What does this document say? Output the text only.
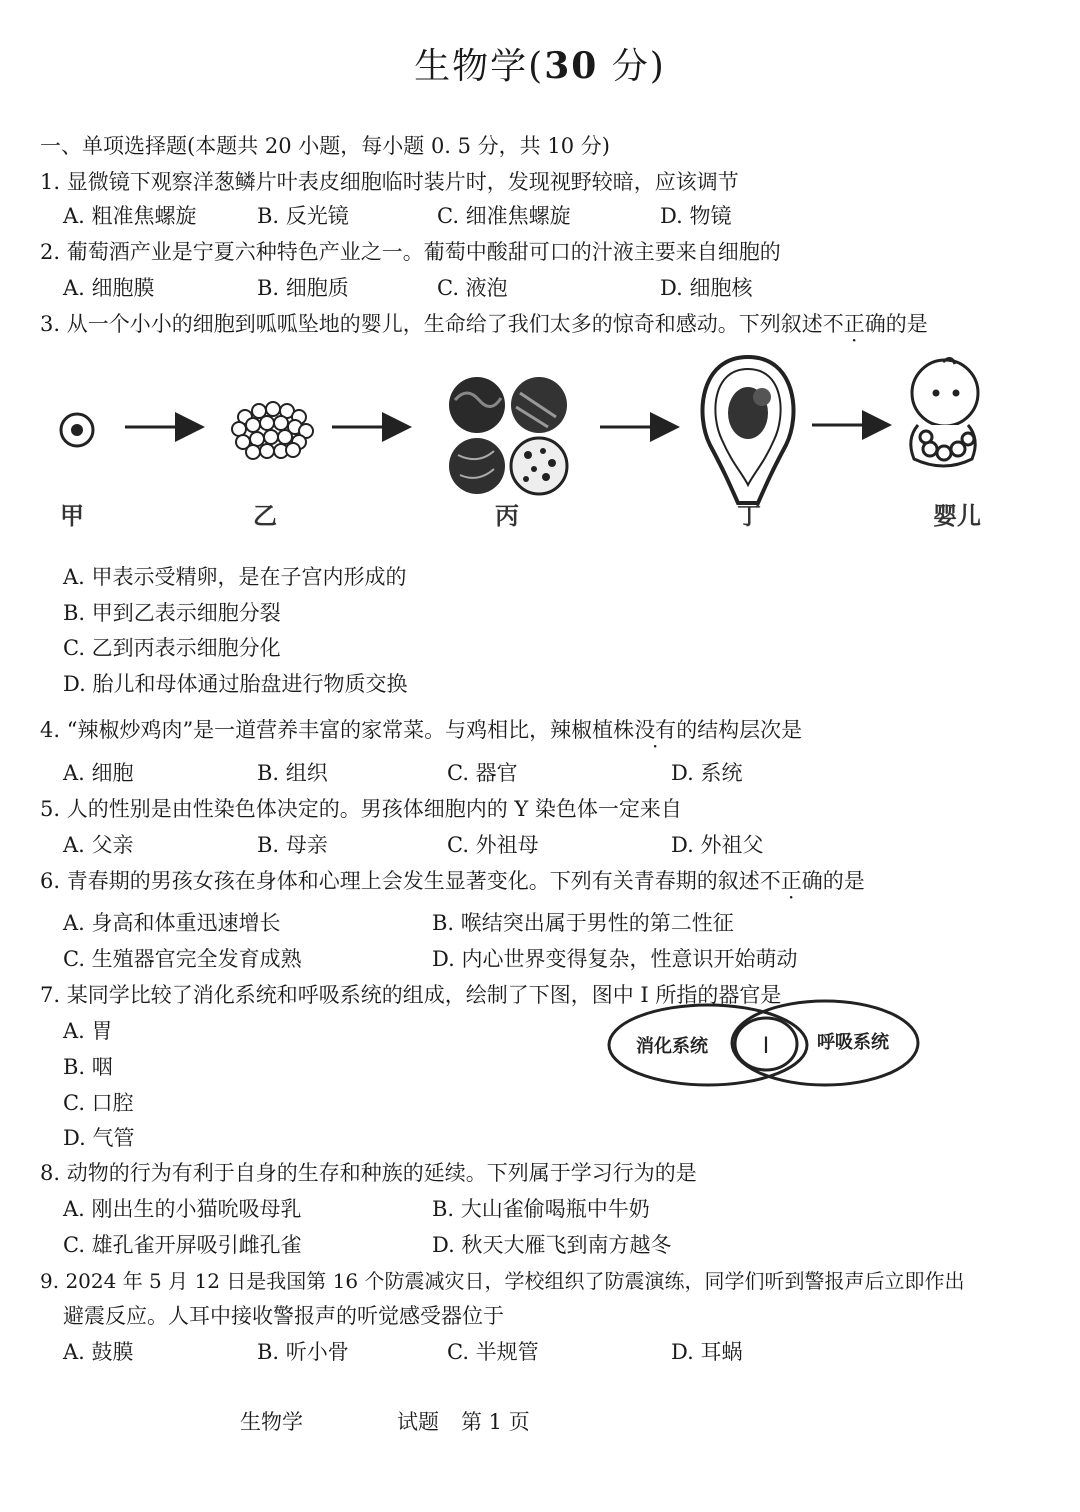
生物学(30 分)
一、单项选择题(本题共 20 小题，每小题 0. 5 分，共 10 分)
1. 显微镜下观察洋葱鳞片叶表皮细胞临时装片时，发现视野较暗，应该调节
A. 粗准焦螺旋	B. 反光镜	C. 细准焦螺旋	D. 物镜
2. 葡萄酒产业是宁夏六种特色产业之一。葡萄中酸甜可口的汁液主要来自细胞的
A. 细胞膜	B. 细胞质	C. 液泡	D. 细胞核
3. 从一个小小的细胞到呱呱坠地的婴儿，生命给了我们太多的惊奇和感动。下列叙述不正确的是
甲	乙	丙	丁	婴儿
A. 甲表示受精卵，是在子宫内形成的
B. 甲到乙表示细胞分裂
C. 乙到丙表示细胞分化
D. 胎儿和母体通过胎盘进行物质交换
4. “辣椒炒鸡肉”是一道营养丰富的家常菜。与鸡相比，辣椒植株没有的结构层次是
A. 细胞	B. 组织	C. 器官	D. 系统
5. 人的性别是由性染色体决定的。男孩体细胞内的 Y 染色体一定来自
A. 父亲	B. 母亲	C. 外祖母	D. 外祖父
6. 青春期的男孩女孩在身体和心理上会发生显著变化。下列有关青春期的叙述不正确的是
A. 身高和体重迅速增长	B. 喉结突出属于男性的第二性征
C. 生殖器官完全发育成熟	D. 内心世界变得复杂，性意识开始萌动
7. 某同学比较了消化系统和呼吸系统的组成，绘制了下图，图中 I 所指的器官是
A. 胃
B. 咽
C. 口腔
D. 气管
消化系统 I	呼吸系统
8. 动物的行为有利于自身的生存和种族的延续。下列属于学习行为的是
A. 刚出生的小猫吮吸母乳	B. 大山雀偷喝瓶中牛奶
C. 雄孔雀开屏吸引雌孔雀	D. 秋天大雁飞到南方越冬
9. 2024 年 5 月 12 日是我国第 16 个防震减灾日，学校组织了防震演练，同学们听到警报声后立即作出
避震反应。人耳中接收警报声的听觉感受器位于
A. 鼓膜	B. 听小骨	C. 半规管	D. 耳蜗
生物学	试题 第 1 页
